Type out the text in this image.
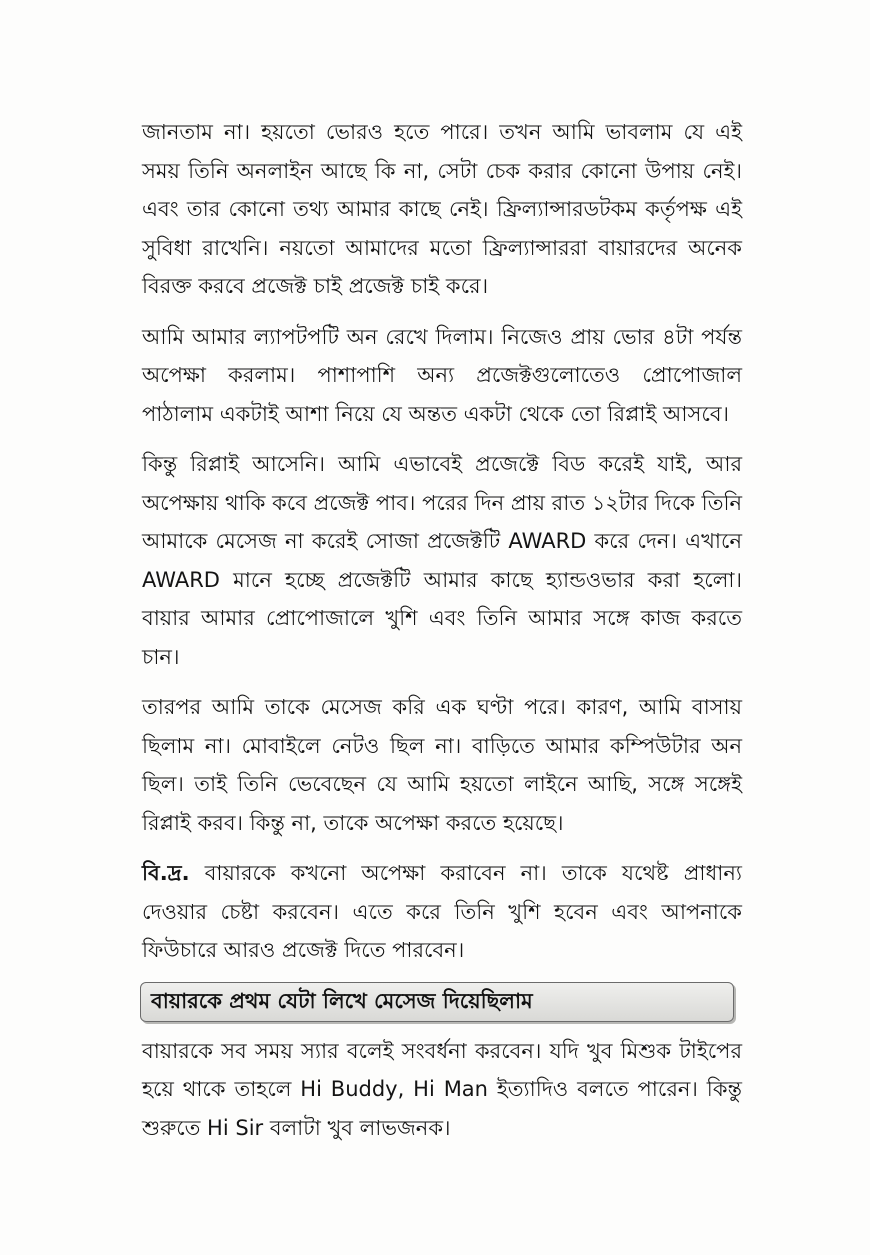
জানতাম না। হয়তো ভোরও হতে পারে। তখন আমি ভাবলাম যে এই সময় তিনি অনলাইন আছে কি না, সেটা চেক করার কোনো উপায় নেই। এবং তার কোনো তথ্য আমার কাছে নেই। ফ্রিল্যান্সারডটকম কর্তৃপক্ষ এই সুবিধা রাখেনি। নয়তো আমাদের মতো ফ্রিল্যান্সাররা বায়ারদের অনেক বিরক্ত করবে প্রজেক্ট চাই প্রজেক্ট চাই করে।

আমি আমার ল্যাপটপটি অন রেখে দিলাম। নিজেও প্রায় ভোর ৪টা পর্যন্ত অপেক্ষা করলাম। পাশাপাশি অন্য প্রজেক্টগুলোতেও প্রোপোজাল পাঠালাম একটাই আশা নিয়ে যে অন্তত একটা থেকে তো রিপ্লাই আসবে।

কিন্তু রিপ্লাই আসেনি। আমি এভাবেই প্রজেক্টে বিড করেই যাই, আর অপেক্ষায় থাকি কবে প্রজেক্ট পাব। পরের দিন প্রায় রাত ১২টার দিকে তিনি আমাকে মেসেজ না করেই সোজা প্রজেক্টটি AWARD করে দেন। এখানে AWARD মানে হচ্ছে প্রজেক্টটি আমার কাছে হ্যান্ডওভার করা হলো। বায়ার আমার প্রোপোজালে খুশি এবং তিনি আমার সঙ্গে কাজ করতে চান।

তারপর আমি তাকে মেসেজ করি এক ঘণ্টা পরে। কারণ, আমি বাসায় ছিলাম না। মোবাইলে নেটও ছিল না। বাড়িতে আমার কম্পিউটার অন ছিল। তাই তিনি ভেবেছেন যে আমি হয়তো লাইনে আছি, সঙ্গে সঙ্গেই রিপ্লাই করব। কিন্তু না, তাকে অপেক্ষা করতে হয়েছে।

বি.দ্র. বায়ারকে কখনো অপেক্ষা করাবেন না। তাকে যথেষ্ট প্রাধান্য দেওয়ার চেষ্টা করবেন। এতে করে তিনি খুশি হবেন এবং আপনাকে ফিউচারে আরও প্রজেক্ট দিতে পারবেন।

বায়ারকে প্রথম যেটা লিখে মেসেজ দিয়েছিলাম

বায়ারকে সব সময় স্যার বলেই সংবর্ধনা করবেন। যদি খুব মিশুক টাইপের হয়ে থাকে তাহলে Hi Buddy, Hi Man ইত্যাদিও বলতে পারেন। কিন্তু শুরুতে Hi Sir বলাটা খুব লাভজনক।
